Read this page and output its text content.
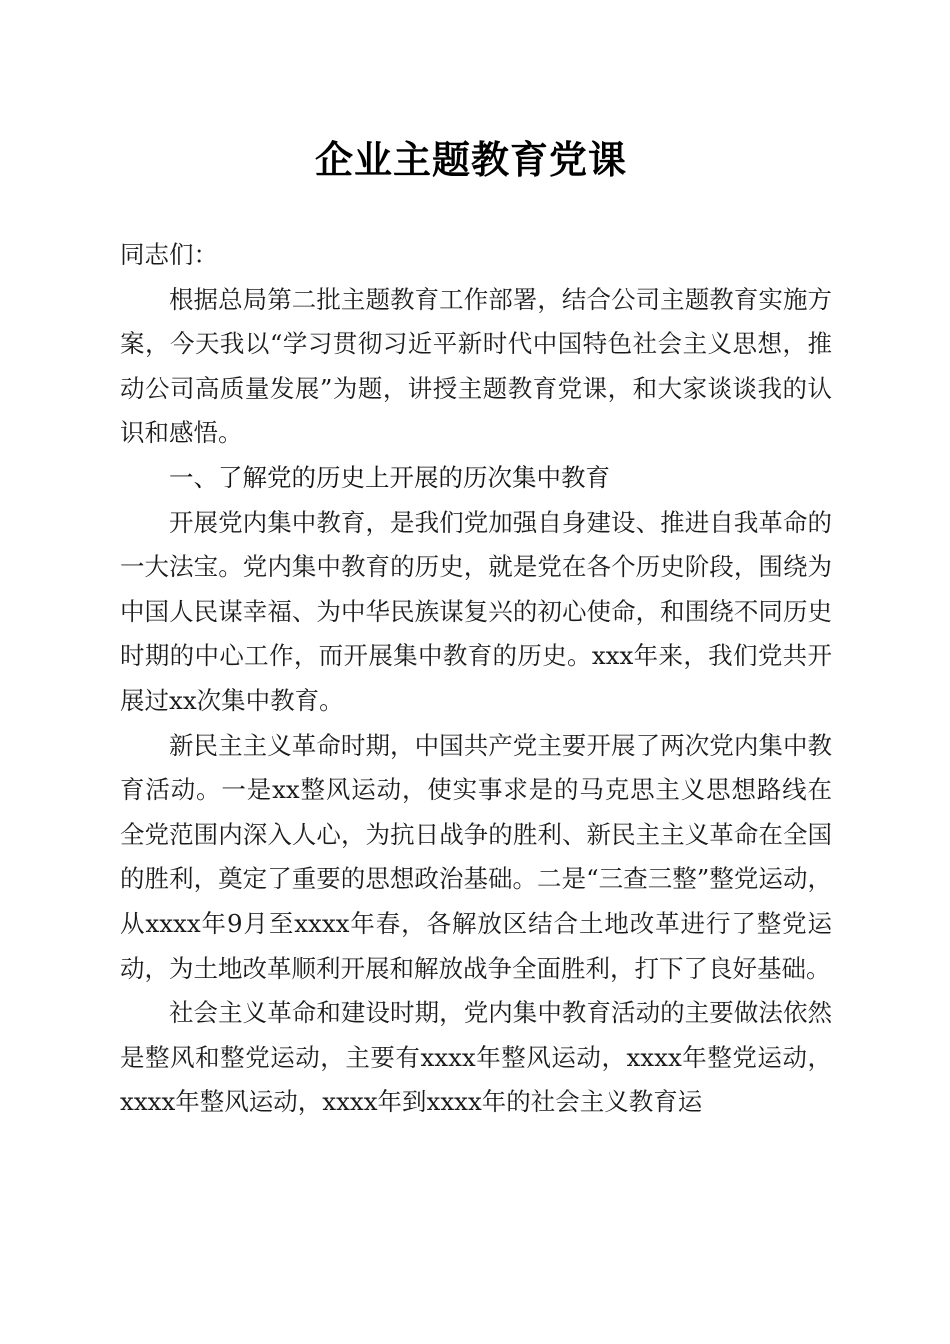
企业主题教育党课

同志们：

根据总局第二批主题教育工作部署，结合公司主题教育实施方案，今天我以“学习贯彻习近平新时代中国特色社会主义思想，推动公司高质量发展”为题，讲授主题教育党课，和大家谈谈我的认识和感悟。

一、了解党的历史上开展的历次集中教育

开展党内集中教育，是我们党加强自身建设、推进自我革命的一大法宝。党内集中教育的历史，就是党在各个历史阶段，围绕为中国人民谋幸福、为中华民族谋复兴的初心使命，和围绕不同历史时期的中心工作，而开展集中教育的历史。xxx年来，我们党共开展过xx次集中教育。

新民主主义革命时期，中国共产党主要开展了两次党内集中教育活动。一是xx整风运动，使实事求是的马克思主义思想路线在全党范围内深入人心，为抗日战争的胜利、新民主主义革命在全国的胜利，奠定了重要的思想政治基础。二是“三查三整”整党运动，从xxxx年9月至xxxx年春，各解放区结合土地改革进行了整党运动，为土地改革顺利开展和解放战争全面胜利，打下了良好基础。

社会主义革命和建设时期，党内集中教育活动的主要做法依然是整风和整党运动，主要有xxxx年整风运动，xxxx年整党运动，xxxx年整风运动，xxxx年到xxxx年的社会主义教育运
